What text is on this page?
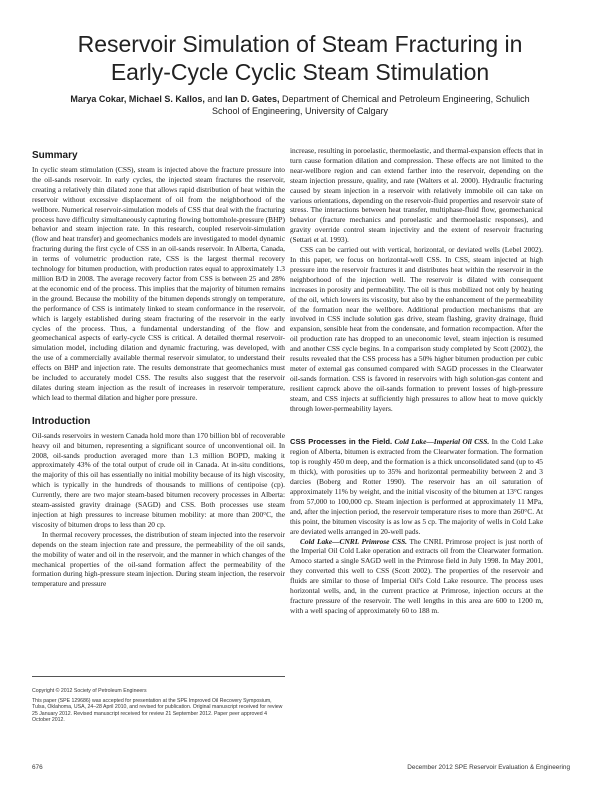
Reservoir Simulation of Steam Fracturing in
Early-Cycle Cyclic Steam Stimulation
Marya Cokar, Michael S. Kallos, and Ian D. Gates, Department of Chemical and Petroleum Engineering, Schulich
School of Engineering, University of Calgary
Summary

In cyclic steam stimulation (CSS), steam is injected above the fracture pressure into the oil-sands reservoir. In early cycles, the injected steam fractures the reservoir, creating a relatively thin dilated zone that allows rapid distribution of heat within the reservoir without excessive displacement of oil from the neighborhood of the wellbore. Numerical reservoir-simulation models of CSS that deal with the fracturing process have difficulty simultaneously capturing flowing bottomhole-pressure (BHP) behavior and steam injection rate. In this research, coupled reservoir-simulation (flow and heat transfer) and geomechanics models are investigated to model dynamic fracturing during the first cycle of CSS in an oil-sands reservoir. In Alberta, Canada, in terms of volumetric production rate, CSS is the largest thermal recovery technology for bitumen production, with production rates equal to approximately 1.3 million B/D in 2008. The average recovery factor from CSS is between 25 and 28% at the economic end of the process. This implies that the majority of bitumen remains in the ground. Because the mobility of the bitumen depends strongly on temperature, the performance of CSS is intimately linked to steam conformance in the reservoir, which is largely established during steam fracturing of the reservoir in the early cycles of the process. Thus, a fundamental understanding of the flow and geomechanical aspects of early-cycle CSS is critical. A detailed thermal reservoir-simulation model, including dilation and dynamic fracturing, was developed, with the use of a commercially available thermal reservoir simulator, to understand their effects on BHP and injection rate. The results demonstrate that geomechanics must be included to accurately model CSS. The results also suggest that the reservoir dilates during steam injection as the result of increases in reservoir temperature, which lead to thermal dilation and higher pore pressure.

Introduction

Oil-sands reservoirs in western Canada hold more than 170 billion bbl of recoverable heavy oil and bitumen, representing a significant source of unconventional oil. In 2008, oil-sands production averaged more than 1.3 million BOPD, making it approximately 43% of the total output of crude oil in Canada. At in-situ conditions, the majority of this oil has essentially no initial mobility because of its high viscosity, which is typically in the hundreds of thousands to millions of centipoise (cp). Currently, there are two major steam-based bitumen recovery processes in Alberta: steam-assisted gravity drainage (SAGD) and CSS. Both processes use steam injection at high pressures to increase bitumen mobility: at more than 200°C, the viscosity of bitumen drops to less than 20 cp.

In thermal recovery processes, the distribution of steam injected into the reservoir depends on the steam injection rate and pressure, the permeability of the oil sands, the mobility of water and oil in the reservoir, and the manner in which changes of the mechanical properties of the oil-sand formation affect the permeability of the formation during high-pressure steam injection. During steam injection, the reservoir temperature and pressure

Copyright © 2012 Society of Petroleum Engineers

This paper (SPE 129686) was accepted for presentation at the SPE Improved Oil Recovery Symposium, Tulsa, Oklahoma, USA, 24–28 April 2010, and revised for publication. Original manuscript received for review 25 January 2012. Revised manuscript received for review 21 September 2012. Paper peer approved 4 October 2012.

increase, resulting in poroelastic, thermoelastic, and thermal-expansion effects that in turn cause formation dilation and compression. These effects are not limited to the near-wellbore region and can extend farther into the reservoir, depending on the steam injection pressure, quality, and rate (Walters et al. 2000). Hydraulic fracturing caused by steam injection in a reservoir with relatively immobile oil can take on various orientations, depending on the reservoir-fluid properties and reservoir state of stress. The interactions between heat transfer, multiphase-fluid flow, geomechanical behavior (fracture mechanics and poroelastic and thermoelastic responses), and gravity override control steam injectivity and the extent of reservoir fracturing (Settari et al. 1993).

CSS can be carried out with vertical, horizontal, or deviated wells (Lebel 2002). In this paper, we focus on horizontal-well CSS. In CSS, steam injected at high pressure into the reservoir fractures it and distributes heat within the reservoir in the neighborhood of the injection well. The reservoir is dilated with consequent increases in porosity and permeability. The oil is thus mobilized not only by heating of the oil, which lowers its viscosity, but also by the enhancement of the permeability of the formation near the wellbore. Additional production mechanisms that are involved in CSS include solution gas drive, steam flashing, gravity drainage, fluid expansion, sensible heat from the condensate, and formation recompaction. After the oil production rate has dropped to an uneconomic level, steam injection is resumed and another CSS cycle begins. In a comparison study completed by Scott (2002), the results revealed that the CSS process has a 50% higher bitumen production per cubic meter of external gas consumed compared with SAGD processes in the Clearwater oil-sands formation. CSS is favored in reservoirs with high solution-gas content and resilient caprock above the oil-sands formation to prevent losses of high-pressure steam, and CSS injects at sufficiently high pressures to allow heat to move quickly through lower-permeability layers.

CSS Processes in the Field. Cold Lake—Imperial Oil CSS. In the Cold Lake region of Alberta, bitumen is extracted from the Clearwater formation. The formation top is roughly 450 m deep, and the formation is a thick unconsolidated sand (up to 45 m thick), with porosities up to 35% and horizontal permeability between 2 and 3 darcies (Boberg and Rotter 1990). The reservoir has an oil saturation of approximately 11% by weight, and the initial viscosity of the bitumen at 13°C ranges from 57,000 to 100,000 cp. Steam injection is performed at approximately 11 MPa, and, after the injection period, the reservoir temperature rises to more than 260°C. At this point, the bitumen viscosity is as low as 5 cp. The majority of wells in Cold Lake are deviated wells arranged in 20-well pads.

Cold Lake—CNRL Primrose CSS. The CNRL Primrose project is just north of the Imperial Oil Cold Lake operation and extracts oil from the Clearwater formation. Amoco started a single SAGD well in the Primrose field in July 1998. In May 2001, they converted this well to CSS (Scott 2002). The properties of the reservoir and fluids are similar to those of Imperial Oil's Cold Lake resource. The process uses horizontal wells, and, in the current practice at Primrose, injection occurs at the fracture pressure of the reservoir. The well lengths in this area are 600 to 1200 m, with a well spacing of approximately 60 to 188 m.

676	December 2012 SPE Reservoir Evaluation & Engineering
